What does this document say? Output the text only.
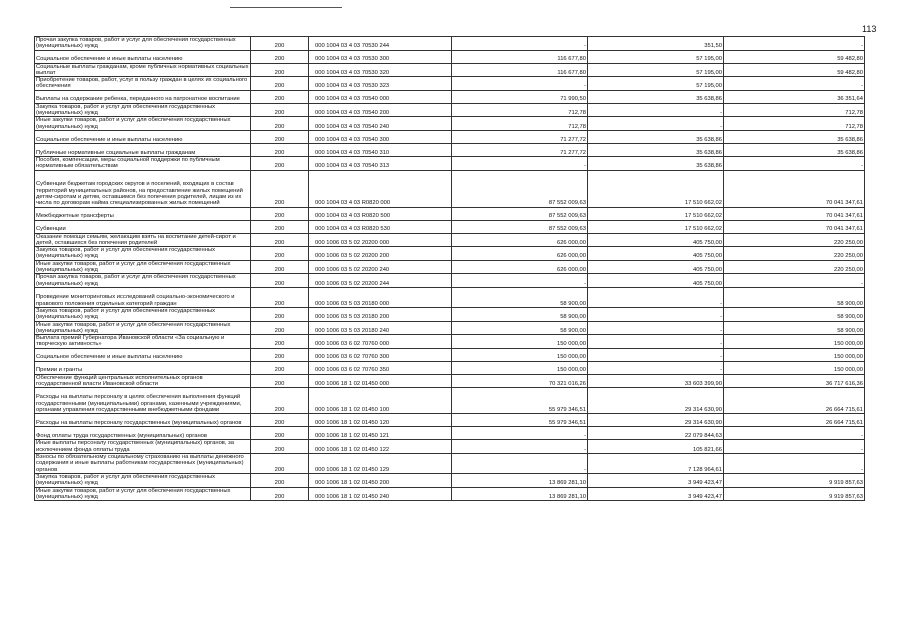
113
Прочая закупка товаров, работ и услуг для обеспечения государственных (муниципальных) нужд	200	000 1004 03 4 03 70530 244	-	351,50	-
Социальное обеспечение и иные выплаты населению	200	000 1004 03 4 03 70530 300	116 677,80	57 195,00	59 482,80
Социальные выплаты гражданам, кроме публичных нормативных социальных выплат	200	000 1004 03 4 03 70530 320	116 677,80	57 195,00	59 482,80
Приобретение товаров, работ, услуг в пользу граждан в целях их социального обеспечения	200	000 1004 03 4 03 70530 323	-	57 195,00	-
Выплаты на содержание ребенка, переданного на патронатное воспитание	200	000 1004 03 4 03 70540 000	71 990,50	35 638,86	36 351,64
Закупка товаров, работ и услуг для обеспечения государственных (муниципальных) нужд	200	000 1004 03 4 03 70540 200	712,78	-	712,78
Иные закупки товаров, работ и услуг для обеспечения государственных (муниципальных) нужд	200	000 1004 03 4 03 70540 240	712,78	-	712,78
Социальное обеспечение и иные выплаты населению	200	000 1004 03 4 03 70540 300	71 277,72	35 638,86	35 638,86
Публичные нормативные социальные выплаты гражданам	200	000 1004 03 4 03 70540 310	71 277,72	35 638,86	35 638,86
Пособия, компенсации, меры социальной поддержки по публичным нормативным обязательствам	200	000 1004 03 4 03 70540 313	-	35 638,86	-
Субвенции бюджетам городских округов и поселений, входящих в состав территорий муниципальных районов, на предоставление жилых помещений детям-сиротам и детям, оставшимся без попечения родителей, лицам из их числа по договорам найма специализированных жилых помещений	200	000 1004 03 4 03 R0820 000	87 552 009,63	17 510 662,02	70 041 347,61
Межбюджетные трансферты	200	000 1004 03 4 03 R0820 500	87 552 009,63	17 510 662,02	70 041 347,61
Субвенции	200	000 1004 03 4 03 R0820 530	87 552 009,63	17 510 662,02	70 041 347,61
Оказание помощи семьям, желающим взять на воспитание детей-сирот и детей, оставшихся без попечения родителей	200	000 1006 03 5 02 20200 000	626 000,00	405 750,00	220 250,00
Закупка товаров, работ и услуг для обеспечения государственных (муниципальных) нужд	200	000 1006 03 5 02 20200 200	626 000,00	405 750,00	220 250,00
Иные закупки товаров, работ и услуг для обеспечения государственных (муниципальных) нужд	200	000 1006 03 5 02 20200 240	626 000,00	405 750,00	220 250,00
Прочая закупка товаров, работ и услуг для обеспечения государственных (муниципальных) нужд	200	000 1006 03 5 02 20200 244	-	405 750,00	-
Проведение мониторинговых исследований социально-экономического и правового положения отдельных категорий граждан	200	000 1006 03 5 03 20180 000	58 900,00	-	58 900,00
Закупка товаров, работ и услуг для обеспечения государственных (муниципальных) нужд	200	000 1006 03 5 03 20180 200	58 900,00	-	58 900,00
Иные закупки товаров, работ и услуг для обеспечения государственных (муниципальных) нужд	200	000 1006 03 5 03 20180 240	58 900,00	-	58 900,00
Выплата премий Губернатора Ивановской области «За социальную и творческую активность»	200	000 1006 03 6 02 70760 000	150 000,00	-	150 000,00
Социальное обеспечение и иные выплаты населению	200	000 1006 03 6 02 70760 300	150 000,00	-	150 000,00
Премии и гранты	200	000 1006 03 6 02 70760 350	150 000,00	-	150 000,00
Обеспечение функций центральных исполнительных органов государственной власти Ивановской области	200	000 1006 18 1 02 01450 000	70 321 016,26	33 603 399,90	36 717 616,36
Расходы на выплаты персоналу в целях обеспечения выполнения функций государственными (муниципальными) органами, казенными учреждениями, органами управления государственными внебюджетными фондами	200	000 1006 18 1 02 01450 100	55 979 346,51	29 314 630,90	26 664 715,61
Расходы на выплаты персоналу государственных (муниципальных) органов	200	000 1006 18 1 02 01450 120	55 979 346,51	29 314 630,90	26 664 715,61
Фонд оплаты труда государственных (муниципальных) органов	200	000 1006 18 1 02 01450 121	-	22 079 844,63	-
Иные выплаты персоналу государственных (муниципальных) органов, за исключением фонда оплаты труда	200	000 1006 18 1 02 01450 122	-	105 821,66	-
Взносы по обязательному социальному страхованию на выплаты денежного содержания и иные выплаты работникам государственных (муниципальных) органов	200	000 1006 18 1 02 01450 129	-	7 128 964,61	-
Закупка товаров, работ и услуг для обеспечения государственных (муниципальных) нужд	200	000 1006 18 1 02 01450 200	13 869 281,10	3 949 423,47	9 919 857,63
Иные закупки товаров, работ и услуг для обеспечения государственных (муниципальных) нужд	200	000 1006 18 1 02 01450 240	13 869 281,10	3 949 423,47	9 919 857,63
